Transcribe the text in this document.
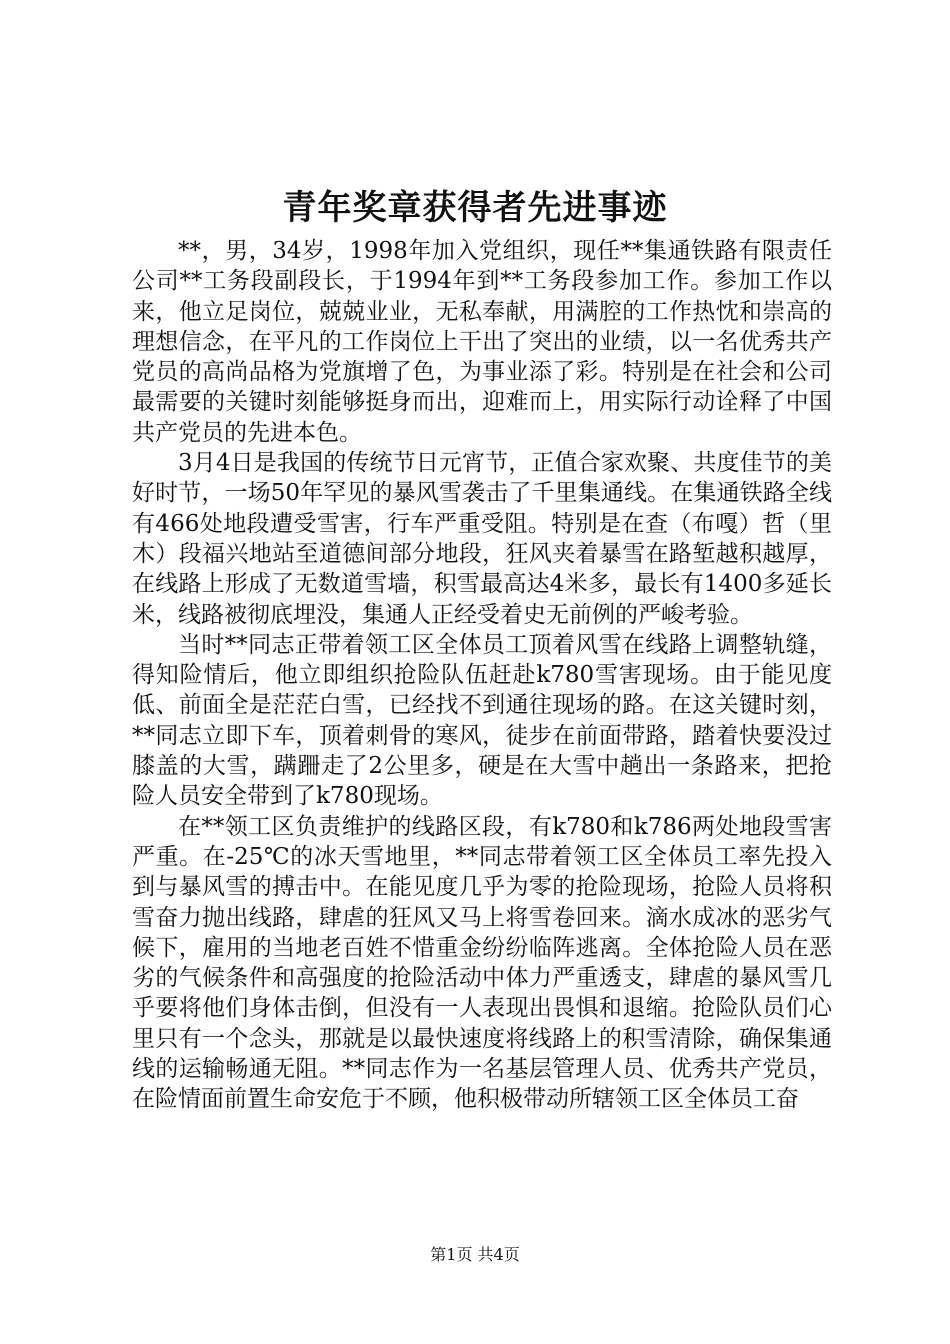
青年奖章获得者先进事迹

**，男，34岁，1998年加入党组织，现任**集通铁路有限责任公司**工务段副段长，于1994年到**工务段参加工作。参加工作以来，他立足岗位，兢兢业业，无私奉献，用满腔的工作热忱和崇高的理想信念，在平凡的工作岗位上干出了突出的业绩，以一名优秀共产党员的高尚品格为党旗增了色，为事业添了彩。特别是在社会和公司最需要的关键时刻能够挺身而出，迎难而上，用实际行动诠释了中国共产党员的先进本色。

3月4日是我国的传统节日元宵节，正值合家欢聚、共度佳节的美好时节，一场50年罕见的暴风雪袭击了千里集通线。在集通铁路全线有466处地段遭受雪害，行车严重受阻。特别是在查（布嘎）哲（里木）段福兴地站至道德间部分地段，狂风夹着暴雪在路堑越积越厚，在线路上形成了无数道雪墙，积雪最高达4米多，最长有1400多延长米，线路被彻底埋没，集通人正经受着史无前例的严峻考验。

当时**同志正带着领工区全体员工顶着风雪在线路上调整轨缝，得知险情后，他立即组织抢险队伍赶赴k780雪害现场。由于能见度低、前面全是茫茫白雪，已经找不到通往现场的路。在这关键时刻，**同志立即下车，顶着刺骨的寒风，徒步在前面带路，踏着快要没过膝盖的大雪，蹒跚走了2公里多，硬是在大雪中趟出一条路来，把抢险人员安全带到了k780现场。

在**领工区负责维护的线路区段，有k780和k786两处地段雪害严重。在-25℃的冰天雪地里，**同志带着领工区全体员工率先投入到与暴风雪的搏击中。在能见度几乎为零的抢险现场，抢险人员将积雪奋力抛出线路，肆虐的狂风又马上将雪卷回来。滴水成冰的恶劣气候下，雇用的当地老百姓不惜重金纷纷临阵逃离。全体抢险人员在恶劣的气候条件和高强度的抢险活动中体力严重透支，肆虐的暴风雪几乎要将他们身体击倒，但没有一人表现出畏惧和退缩。抢险队员们心里只有一个念头，那就是以最快速度将线路上的积雪清除，确保集通线的运输畅通无阻。**同志作为一名基层管理人员、优秀共产党员，在险情面前置生命安危于不顾，他积极带动所辖领工区全体员工奋

第1页 共4页
